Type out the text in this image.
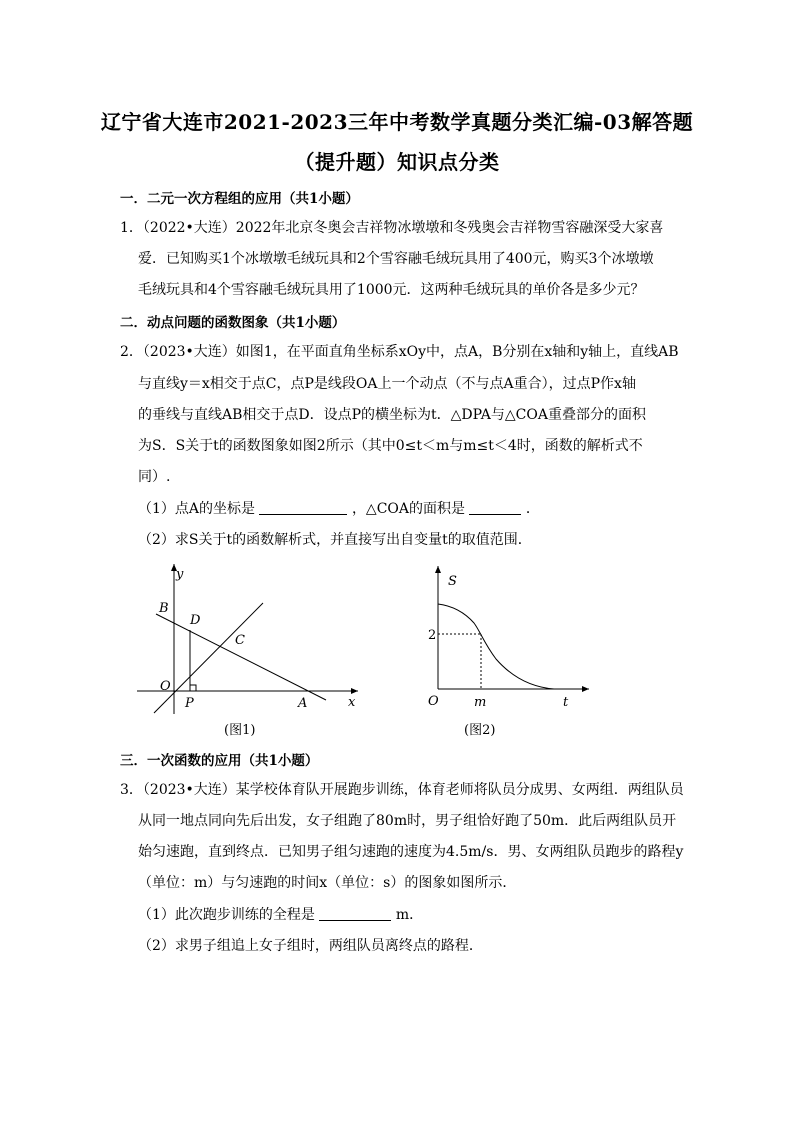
辽宁省大连市2021-2023三年中考数学真题分类汇编-03解答题
（提升题）知识点分类
一．二元一次方程组的应用（共1小题）
1．（2022•大连）2022年北京冬奥会吉祥物冰墩墩和冬残奥会吉祥物雪容融深受大家喜
爱．已知购买1个冰墩墩毛绒玩具和2个雪容融毛绒玩具用了400元，购买3个冰墩墩
毛绒玩具和4个雪容融毛绒玩具用了1000元．这两种毛绒玩具的单价各是多少元？
二．动点问题的函数图象（共1小题）
2．（2023•大连）如图1，在平面直角坐标系xOy中，点A，B分别在x轴和y轴上，直线AB
与直线y＝x相交于点C，点P是线段OA上一个动点（不与点A重合），过点P作x轴
的垂线与直线AB相交于点D．设点P的横坐标为t．△DPA与△COA重叠部分的面积
为S．S关于t的函数图象如图2所示（其中0≤t＜m与m≤t＜4时，函数的解析式不
同）.
（1）点A的坐标是	，△COA的面积是	．
（2）求S关于t的函数解析式，并直接写出自变量t的取值范围．
y
x
O
B
D
C
P	A
(图1)
S
2
O	m	t
(图2)
三．一次函数的应用（共1小题）
3．（2023•大连）某学校体育队开展跑步训练，体育老师将队员分成男、女两组．两组队员
从同一地点同向先后出发，女子组跑了80m时，男子组恰好跑了50m．此后两组队员开
始匀速跑，直到终点．已知男子组匀速跑的速度为4.5m/s．男、女两组队员跑步的路程y
（单位：m）与匀速跑的时间x（单位：s）的图象如图所示．
（1）此次跑步训练的全程是	m．
（2）求男子组追上女子组时，两组队员离终点的路程．
